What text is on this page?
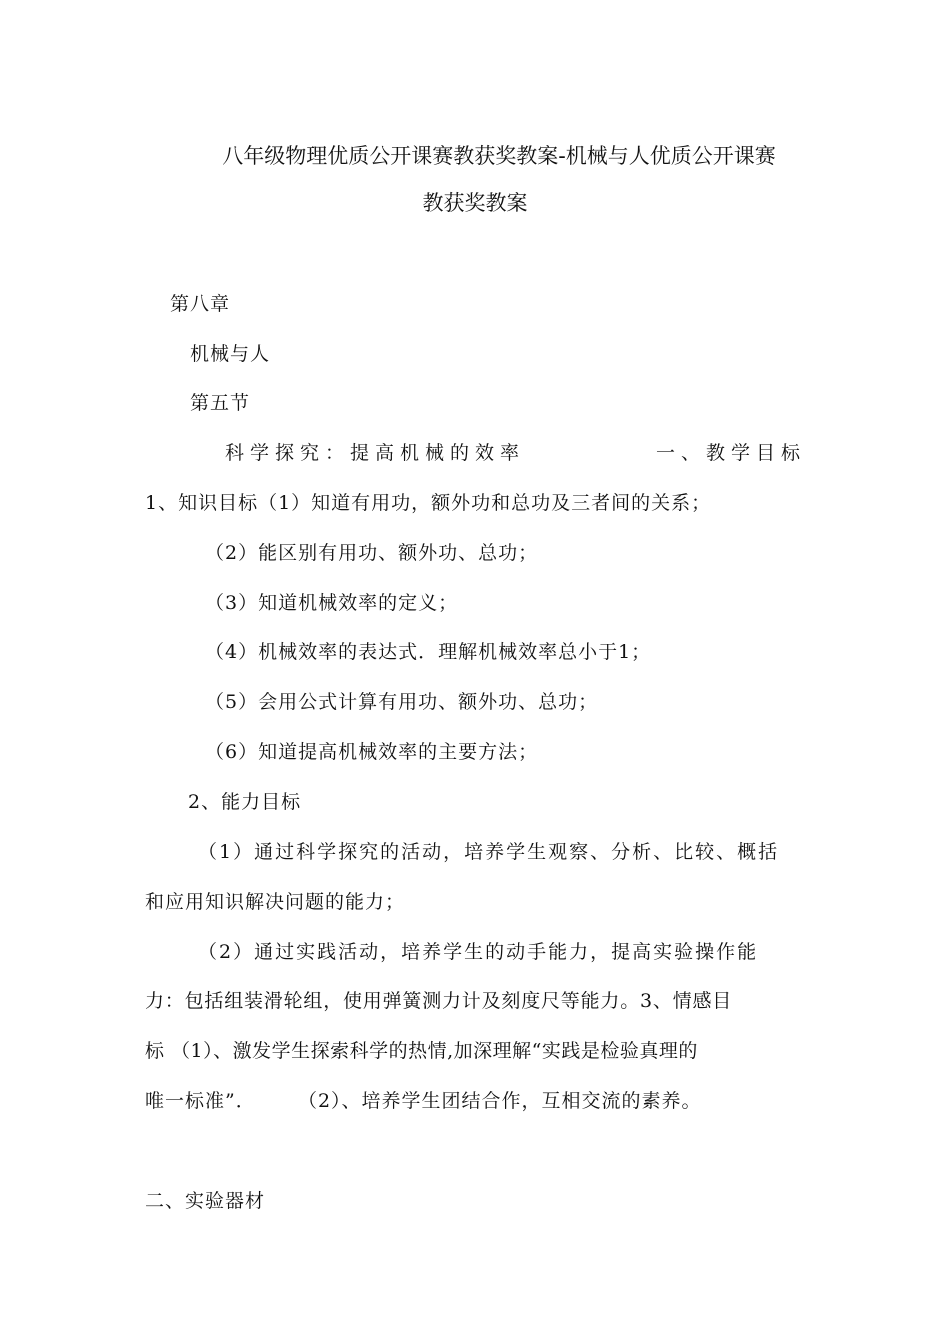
八年级物理优质公开课赛教获奖教案-机械与人优质公开课赛
教获奖教案
第八章
机械与人
第五节
科学探究：提高机械的效率	一、教学目标
1、知识目标（1）知道有用功，额外功和总功及三者间的关系；
（2）能区别有用功、额外功、总功；
（3）知道机械效率的定义；
（4）机械效率的表达式．理解机械效率总小于1；
（5）会用公式计算有用功、额外功、总功；
（6）知道提高机械效率的主要方法；
2、能力目标
（1）通过科学探究的活动，培养学生观察、分析、比较、概括
和应用知识解决问题的能力；
（2）通过实践活动，培养学生的动手能力，提高实验操作能
力：包括组装滑轮组，使用弹簧测力计及刻度尺等能力。3、情感目
标 （1）、激发学生探索科学的热情,加深理解“实践是检验真理的
唯一标准”．      （2）、培养学生团结合作，互相交流的素养。
二、实验器材
